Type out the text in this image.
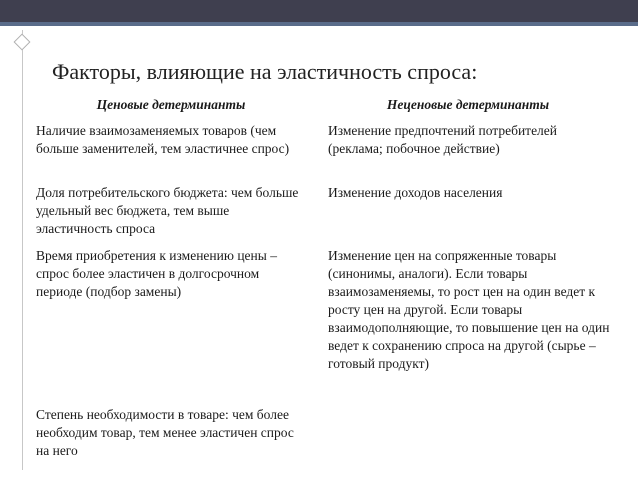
Факторы, влияющие на эластичность спроса:
Ценовые детерминанты	Неценовые детерминанты
Наличие взаимозаменяемых товаров (чем больше заменителей, тем эластичнее спрос)
Доля потребительского бюджета: чем больше удельный вес бюджета, тем выше эластичность спроса
Время приобретения к изменению цены – спрос более эластичен в долгосрочном периоде (подбор замены)
Степень необходимости в товаре: чем более необходим товар, тем менее эластичен спрос на него
Изменение предпочтений потребителей (реклама; побочное действие)
Изменение доходов населения
Изменение цен на сопряженные товары (синонимы, аналоги). Если товары взаимозаменяемы, то рост цен на один ведет к росту цен на другой. Если товары взаимодополняющие, то повышение цен на один ведет к сохранению спроса на другой (сырье – готовый продукт)
